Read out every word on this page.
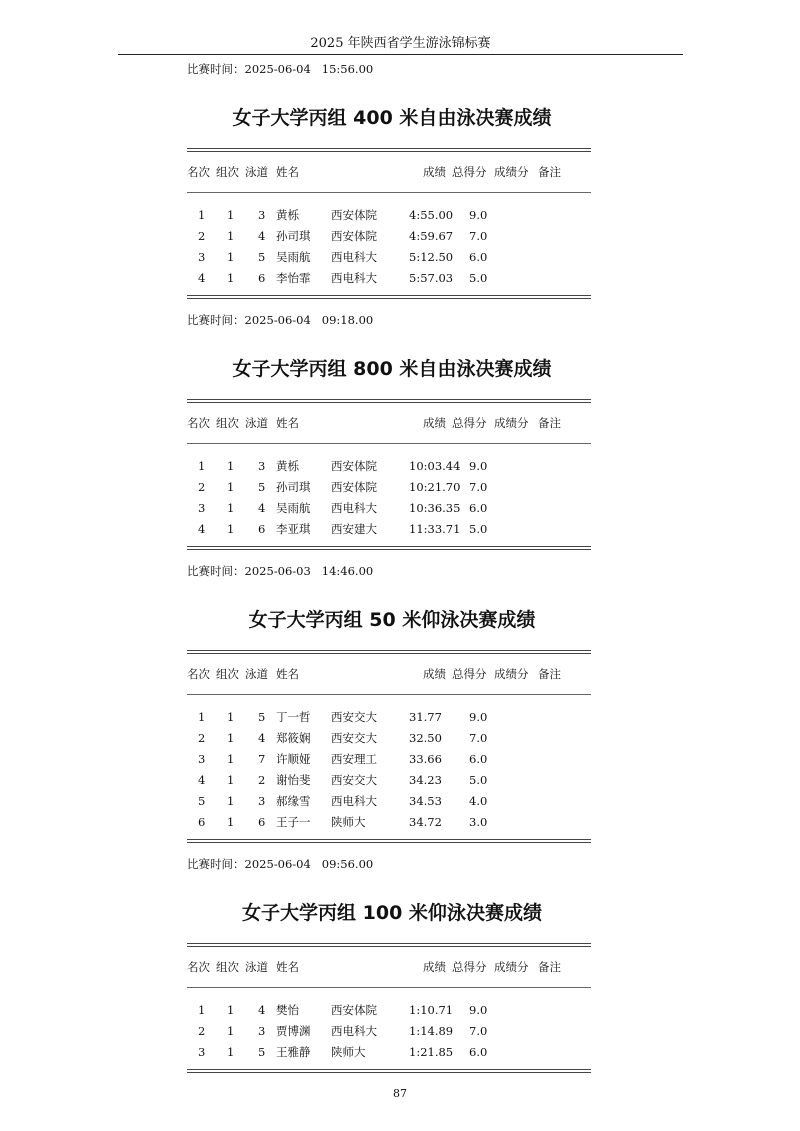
2025 年陕西省学生游泳锦标赛
比赛时间：2025-06-04   15:56.00
女子大学丙组 400 米自由泳决赛成绩
名次 组次 泳道 姓名	成绩 总得分 成绩分 备注
1 1 3 黄栎	西安体院	4:55.00 9.0
2 1 4 孙司琪 西安体院	4:59.67 7.0
3 1 5 吴雨航 西电科大	5:12.50 6.0
4 1 6 李怡霏 西电科大	5:57.03 5.0
比赛时间：2025-06-04   09:18.00
女子大学丙组 800 米自由泳决赛成绩
名次 组次 泳道 姓名	成绩 总得分 成绩分 备注
1 1 3 黄栎	西安体院	10:03.44 9.0
2 1 5 孙司琪 西安体院	10:21.70 7.0
3 1 4 吴雨航 西电科大	10:36.35 6.0
4 1 6 李亚琪 西安建大	11:33.71 5.0
比赛时间：2025-06-03   14:46.00
女子大学丙组 50 米仰泳决赛成绩
名次 组次 泳道 姓名	成绩 总得分 成绩分 备注
1 1 5 丁一哲 西安交大	31.77 9.0
2 1 4 郑筱娴 西安交大	32.50 7.0
3 1 7 许顺娅 西安理工	33.66 6.0
4 1 2 谢怡斐 西安交大	34.23 5.0
5 1 3 郝缘雪 西电科大	34.53 4.0
6 1 6 王子一 陕师大	34.72 3.0
比赛时间：2025-06-04   09:56.00
女子大学丙组 100 米仰泳决赛成绩
名次 组次 泳道 姓名	成绩 总得分 成绩分 备注
1 1 4 樊怡	西安体院	1:10.71 9.0
2 1 3 贾博渊 西电科大	1:14.89 7.0
3 1 5 王雅静 陕师大	1:21.85 6.0
87
